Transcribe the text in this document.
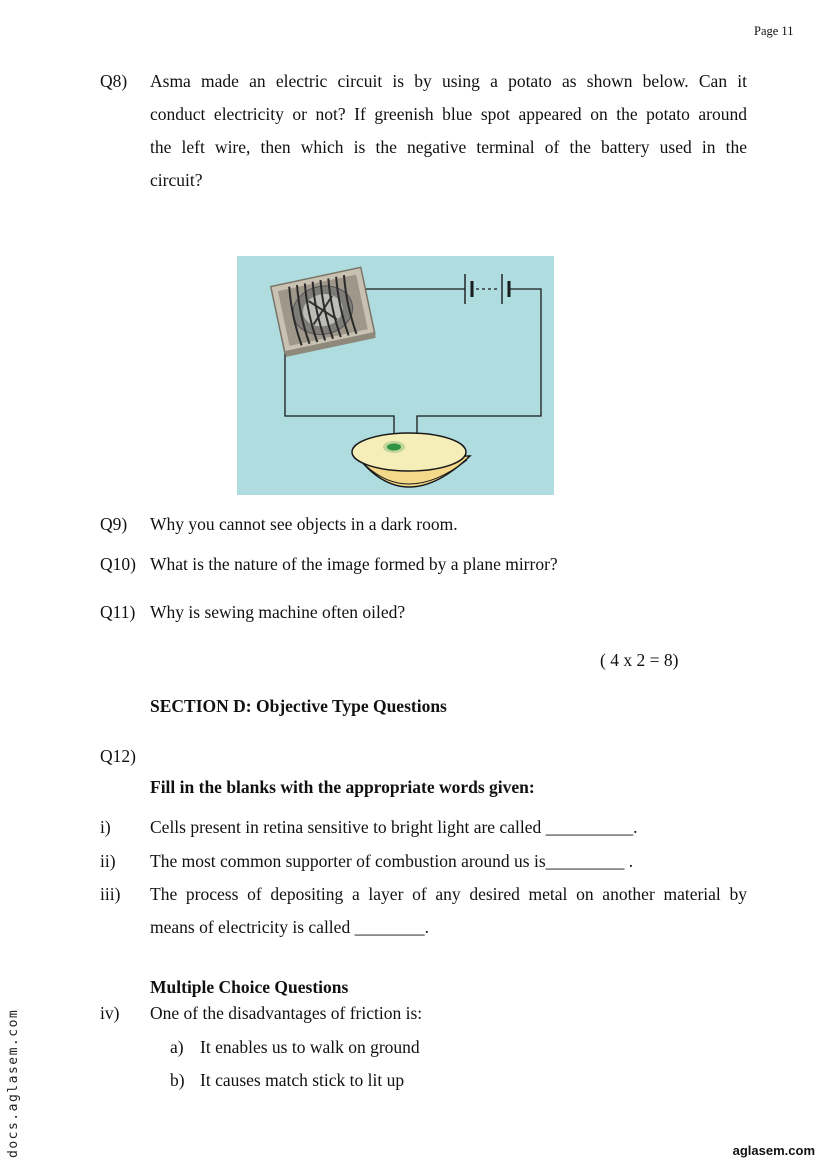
Page 11
Q8) Asma made an electric circuit is by using a potato as shown below. Can it
conduct electricity or not? If greenish blue spot appeared on the potato around
the left wire, then which is the negative terminal of the battery used in the
circuit?
Q9) Why you cannot see objects in a dark room.
Q10) What is the nature of the image formed by a plane mirror?
Q11) Why is sewing machine often oiled?
( 4 x 2 = 8)
SECTION D: Objective Type Questions
Q12)
Fill in the blanks with the appropriate words given:
i) Cells present in retina sensitive to bright light are called __________.
ii) The most common supporter of combustion around us is_________ .
iii) The process of depositing a layer of any desired metal on another material by
means of electricity is called ________.
Multiple Choice Questions
iv) One of the disadvantages of friction is:
a) It enables us to walk on ground
b) It causes match stick to lit up
docs.aglasem.com	aglasem.com
